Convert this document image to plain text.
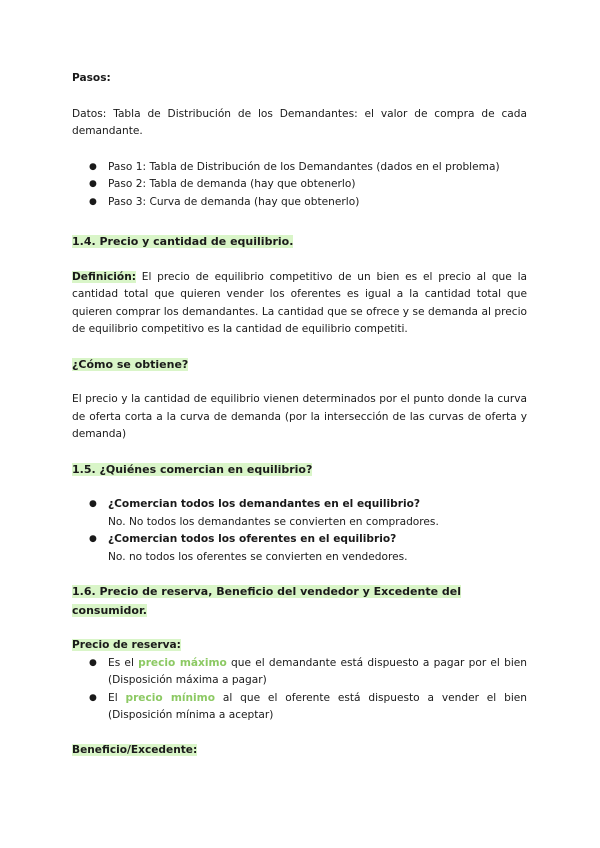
Pasos:

Datos: Tabla de Distribución de los Demandantes: el valor de compra de cada demandante.

● Paso 1: Tabla de Distribución de los Demandantes (dados en el problema)
● Paso 2: Tabla de demanda (hay que obtenerlo)
● Paso 3: Curva de demanda (hay que obtenerlo)

1.4. Precio y cantidad de equilibrio.

Definición: El precio de equilibrio competitivo de un bien es el precio al que la cantidad total que quieren vender los oferentes es igual a la cantidad total que quieren comprar los demandantes. La cantidad que se ofrece y se demanda al precio de equilibrio competitivo es la cantidad de equilibrio competiti.

¿Cómo se obtiene?

El precio y la cantidad de equilibrio vienen determinados por el punto donde la curva de oferta corta a la curva de demanda (por la intersección de las curvas de oferta y demanda)

1.5. ¿Quiénes comercian en equilibrio?

● ¿Comercian todos los demandantes en el equilibrio?
No. No todos los demandantes se convierten en compradores.
● ¿Comercian todos los oferentes en el equilibrio?
No. no todos los oferentes se convierten en vendedores.

1.6. Precio de reserva, Beneficio del vendedor y Excedente del consumidor.

Precio de reserva:

● Es el precio máximo que el demandante está dispuesto a pagar por el bien (Disposición máxima a pagar)
● El precio mínimo al que el oferente está dispuesto a vender el bien (Disposición mínima a aceptar)

Beneficio/Excedente:
